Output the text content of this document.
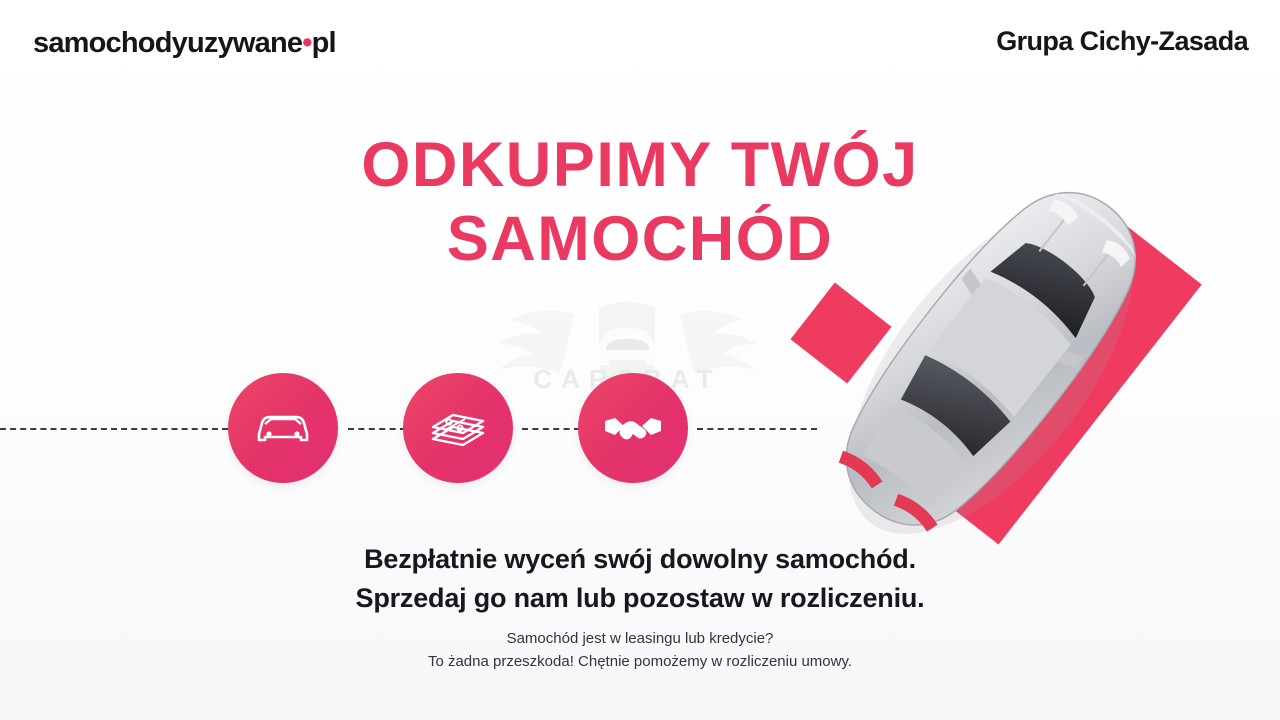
samochodyuzywane•pl	Grupa Cichy-Zasada
ODKUPIMY TWÓJ
SAMOCHÓD
Bezpłatnie wyceń swój dowolny samochód.
Sprzedaj go nam lub pozostaw w rozliczeniu.
Samochód jest w leasingu lub kredycie?
To żadna przeszkoda! Chętnie pomożemy w rozliczeniu umowy.
